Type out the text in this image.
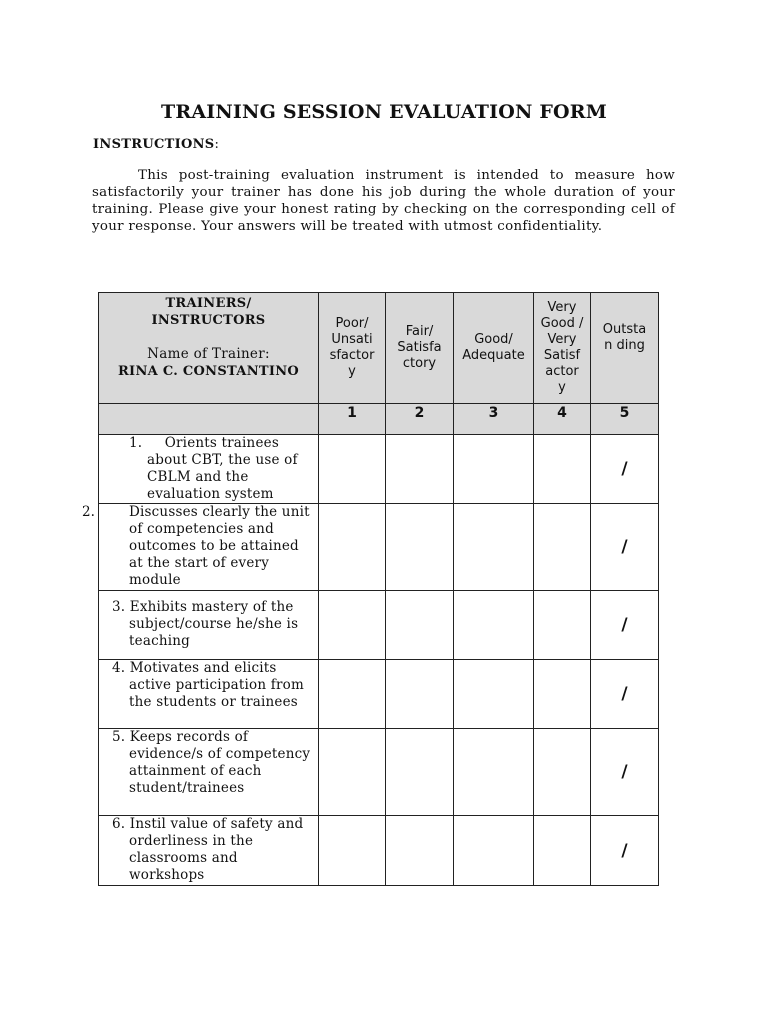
TRAINING SESSION EVALUATION FORM
INSTRUCTIONS:
This post-training evaluation instrument is intended to measure how satisfactorily your trainer has done his job during the whole duration of your training. Please give your honest rating by checking on the corresponding cell of your response. Your answers will be treated with utmost confidentiality.
TRAINERS/ INSTRUCTORS
Name of Trainer:
RINA C. CONSTANTINO	Poor/ Unsati sfactor y	Fair/ Satisfa ctory	Good/ Adequate	Very Good / Very Satisf actor y	Outstan ding

	1	2	3	4	5

1. Orients trainees about CBT, the use of CBLM and the evaluation system					/

2. Discusses clearly the unit of competencies and outcomes to be attained at the start of every module					/

3. Exhibits mastery of the subject/course he/she is teaching					/

4. Motivates and elicits active participation from the students or trainees					/

5. Keeps records of evidence/s of competency attainment of each student/trainees					/

6. Instil value of safety and orderliness in the classrooms and workshops					/
